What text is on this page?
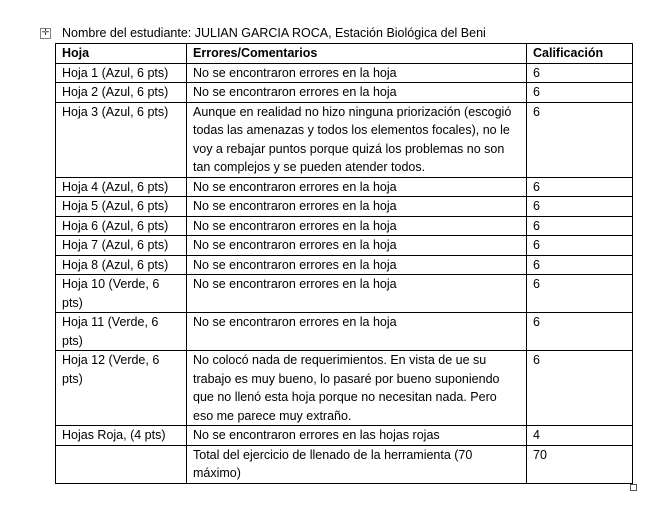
✛ Nombre del estudiante: JULIAN GARCIA ROCA, Estación Biológica del Beni
Hoja	Errores/Comentarios	Calificación
Hoja 1 (Azul, 6 pts)	No se encontraron errores en la hoja	6
Hoja 2 (Azul, 6 pts)	No se encontraron errores en la hoja	6
Hoja 3 (Azul, 6 pts)	Aunque en realidad no hizo ninguna priorización (escogió todas las amenazas y todos los elementos focales), no le voy a rebajar puntos porque quizá los problemas no son tan complejos y se pueden atender todos.	6
Hoja 4 (Azul, 6 pts)	No se encontraron errores en la hoja	6
Hoja 5 (Azul, 6 pts)	No se encontraron errores en la hoja	6
Hoja 6 (Azul, 6 pts)	No se encontraron errores en la hoja	6
Hoja 7 (Azul, 6 pts)	No se encontraron errores en la hoja	6
Hoja 8 (Azul, 6 pts)	No se encontraron errores en la hoja	6
Hoja 10 (Verde, 6 pts)	No se encontraron errores en la hoja	6
Hoja 11 (Verde, 6 pts)	No se encontraron errores en la hoja	6
Hoja 12 (Verde, 6 pts)	No colocó nada de requerimientos. En vista de ue su trabajo es muy bueno, lo pasaré por bueno suponiendo que no llenó esta hoja porque no necesitan nada. Pero eso me parece muy extraño.	6
Hojas Roja, (4 pts)	No se encontraron errores en las hojas rojas	4
	Total del ejercicio de llenado de la herramienta (70 máximo)	70
